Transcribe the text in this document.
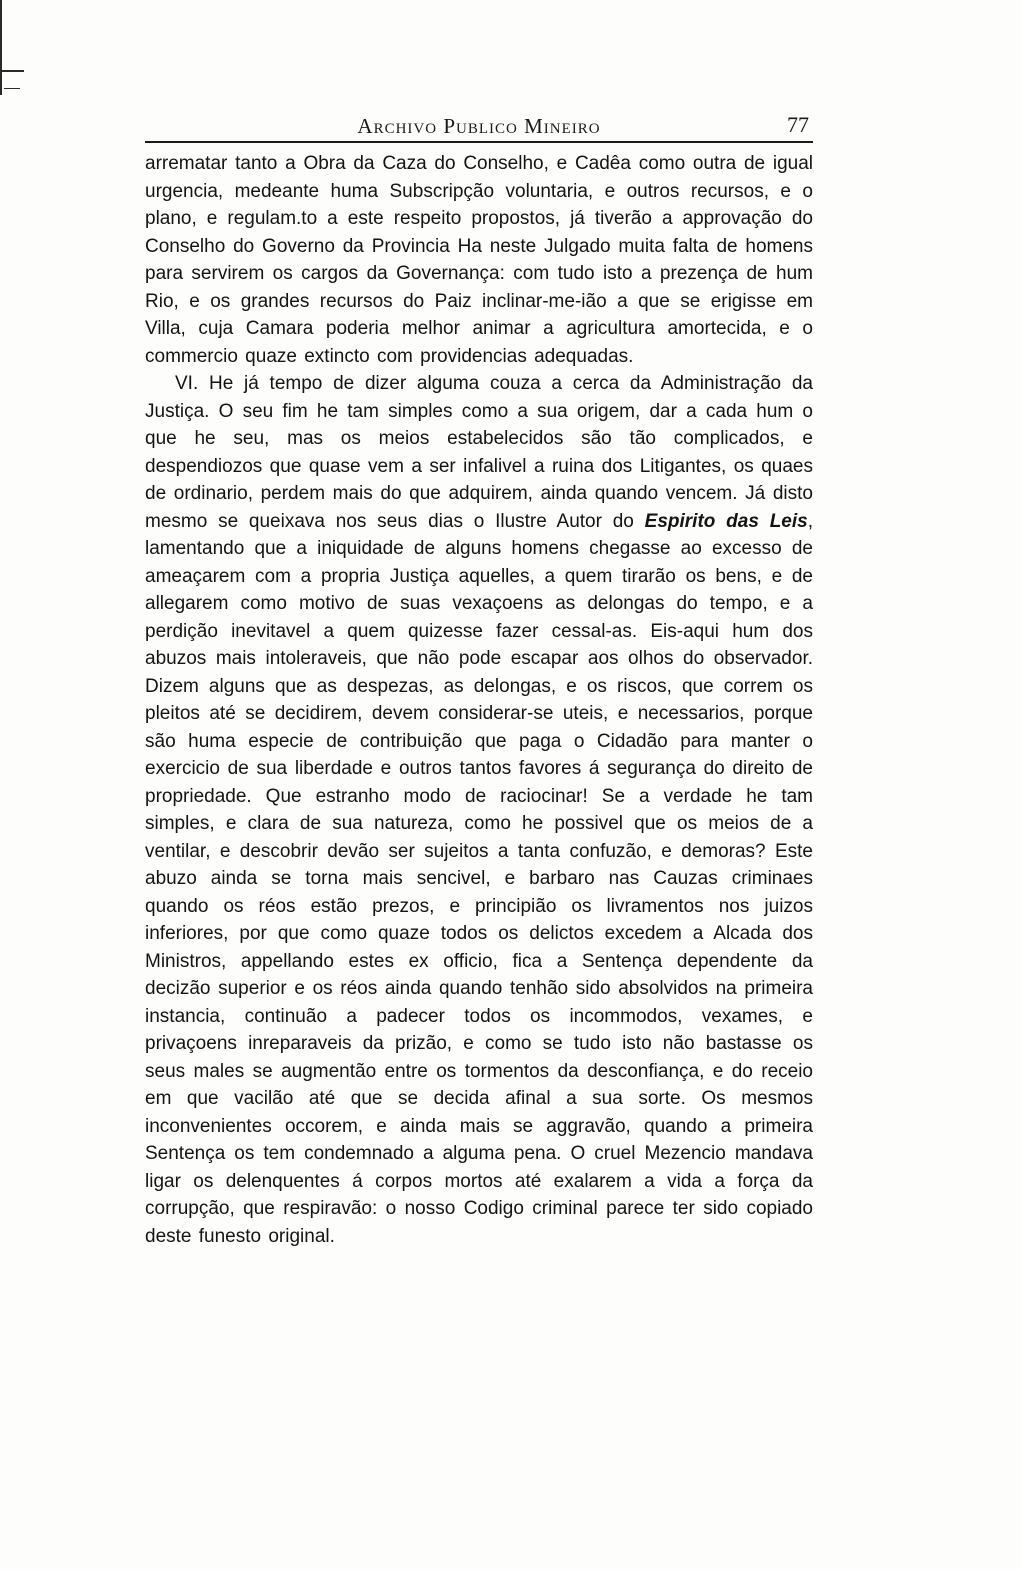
Archivo Publico Mineiro	77

arrematar tanto a Obra da Caza do Conselho, e Cadêa como outra de igual urgencia, medeante huma Subscripção voluntaria, e outros recursos, e o plano, e regulam.to a este respeito propostos, já tiverão a approvação do Conselho do Governo da Provincia Ha neste Julgado muita falta de homens para servirem os cargos da Governança: com tudo isto a prezença de hum Rio, e os grandes recursos do Paiz inclinar-me-ião a que se erigisse em Villa, cuja Camara poderia melhor animar a agricultura amortecida, e o commercio quaze extincto com providencias adequadas.

VI. He já tempo de dizer alguma couza a cerca da Administração da Justiça. O seu fim he tam simples como a sua origem, dar a cada hum o que he seu, mas os meios estabelecidos são tão complicados, e despendiozos que quase vem a ser infalivel a ruina dos Litigantes, os quaes de ordinario, perdem mais do que adquirem, ainda quando vencem. Já disto mesmo se queixava nos seus dias o Ilustre Autor do Espirito das Leis, lamentando que a iniquidade de alguns homens chegasse ao excesso de ameaçarem com a propria Justiça aquelles, a quem tirarão os bens, e de allegarem como motivo de suas vexaçoens as delongas do tempo, e a perdição inevitavel a quem quizesse fazer cessal-as. Eis-aqui hum dos abuzos mais intoleraveis, que não pode escapar aos olhos do observador. Dizem alguns que as despezas, as delongas, e os riscos, que correm os pleitos até se decidirem, devem considerar-se uteis, e necessarios, porque são huma especie de contribuição que paga o Cidadão para manter o exercicio de sua liberdade e outros tantos favores á segurança do direito de propriedade. Que estranho modo de raciocinar! Se a verdade he tam simples, e clara de sua natureza, como he possivel que os meios de a ventilar, e descobrir devão ser sujeitos a tanta confuzão, e demoras? Este abuzo ainda se torna mais sencivel, e barbaro nas Cauzas criminaes quando os réos estão prezos, e principião os livramentos nos juizos inferiores, por que como quaze todos os delictos excedem a Alcada dos Ministros, appellando estes ex officio, fica a Sentença dependente da decizão superior e os réos ainda quando tenhão sido absolvidos na primeira instancia, continuão a padecer todos os incommodos, vexames, e privaçoens inreparaveis da prizão, e como se tudo isto não bastasse os seus males se augmentão entre os tormentos da desconfiança, e do receio em que vacilão até que se decida afinal a sua sorte. Os mesmos inconvenientes occorem, e ainda mais se aggravão, quando a primeira Sentença os tem condemnado a alguma pena. O cruel Mezencio mandava ligar os delenquentes á corpos mortos até exalarem a vida a força da corrupção, que respiravão: o nosso Codigo criminal parece ter sido copiado deste funesto original.
